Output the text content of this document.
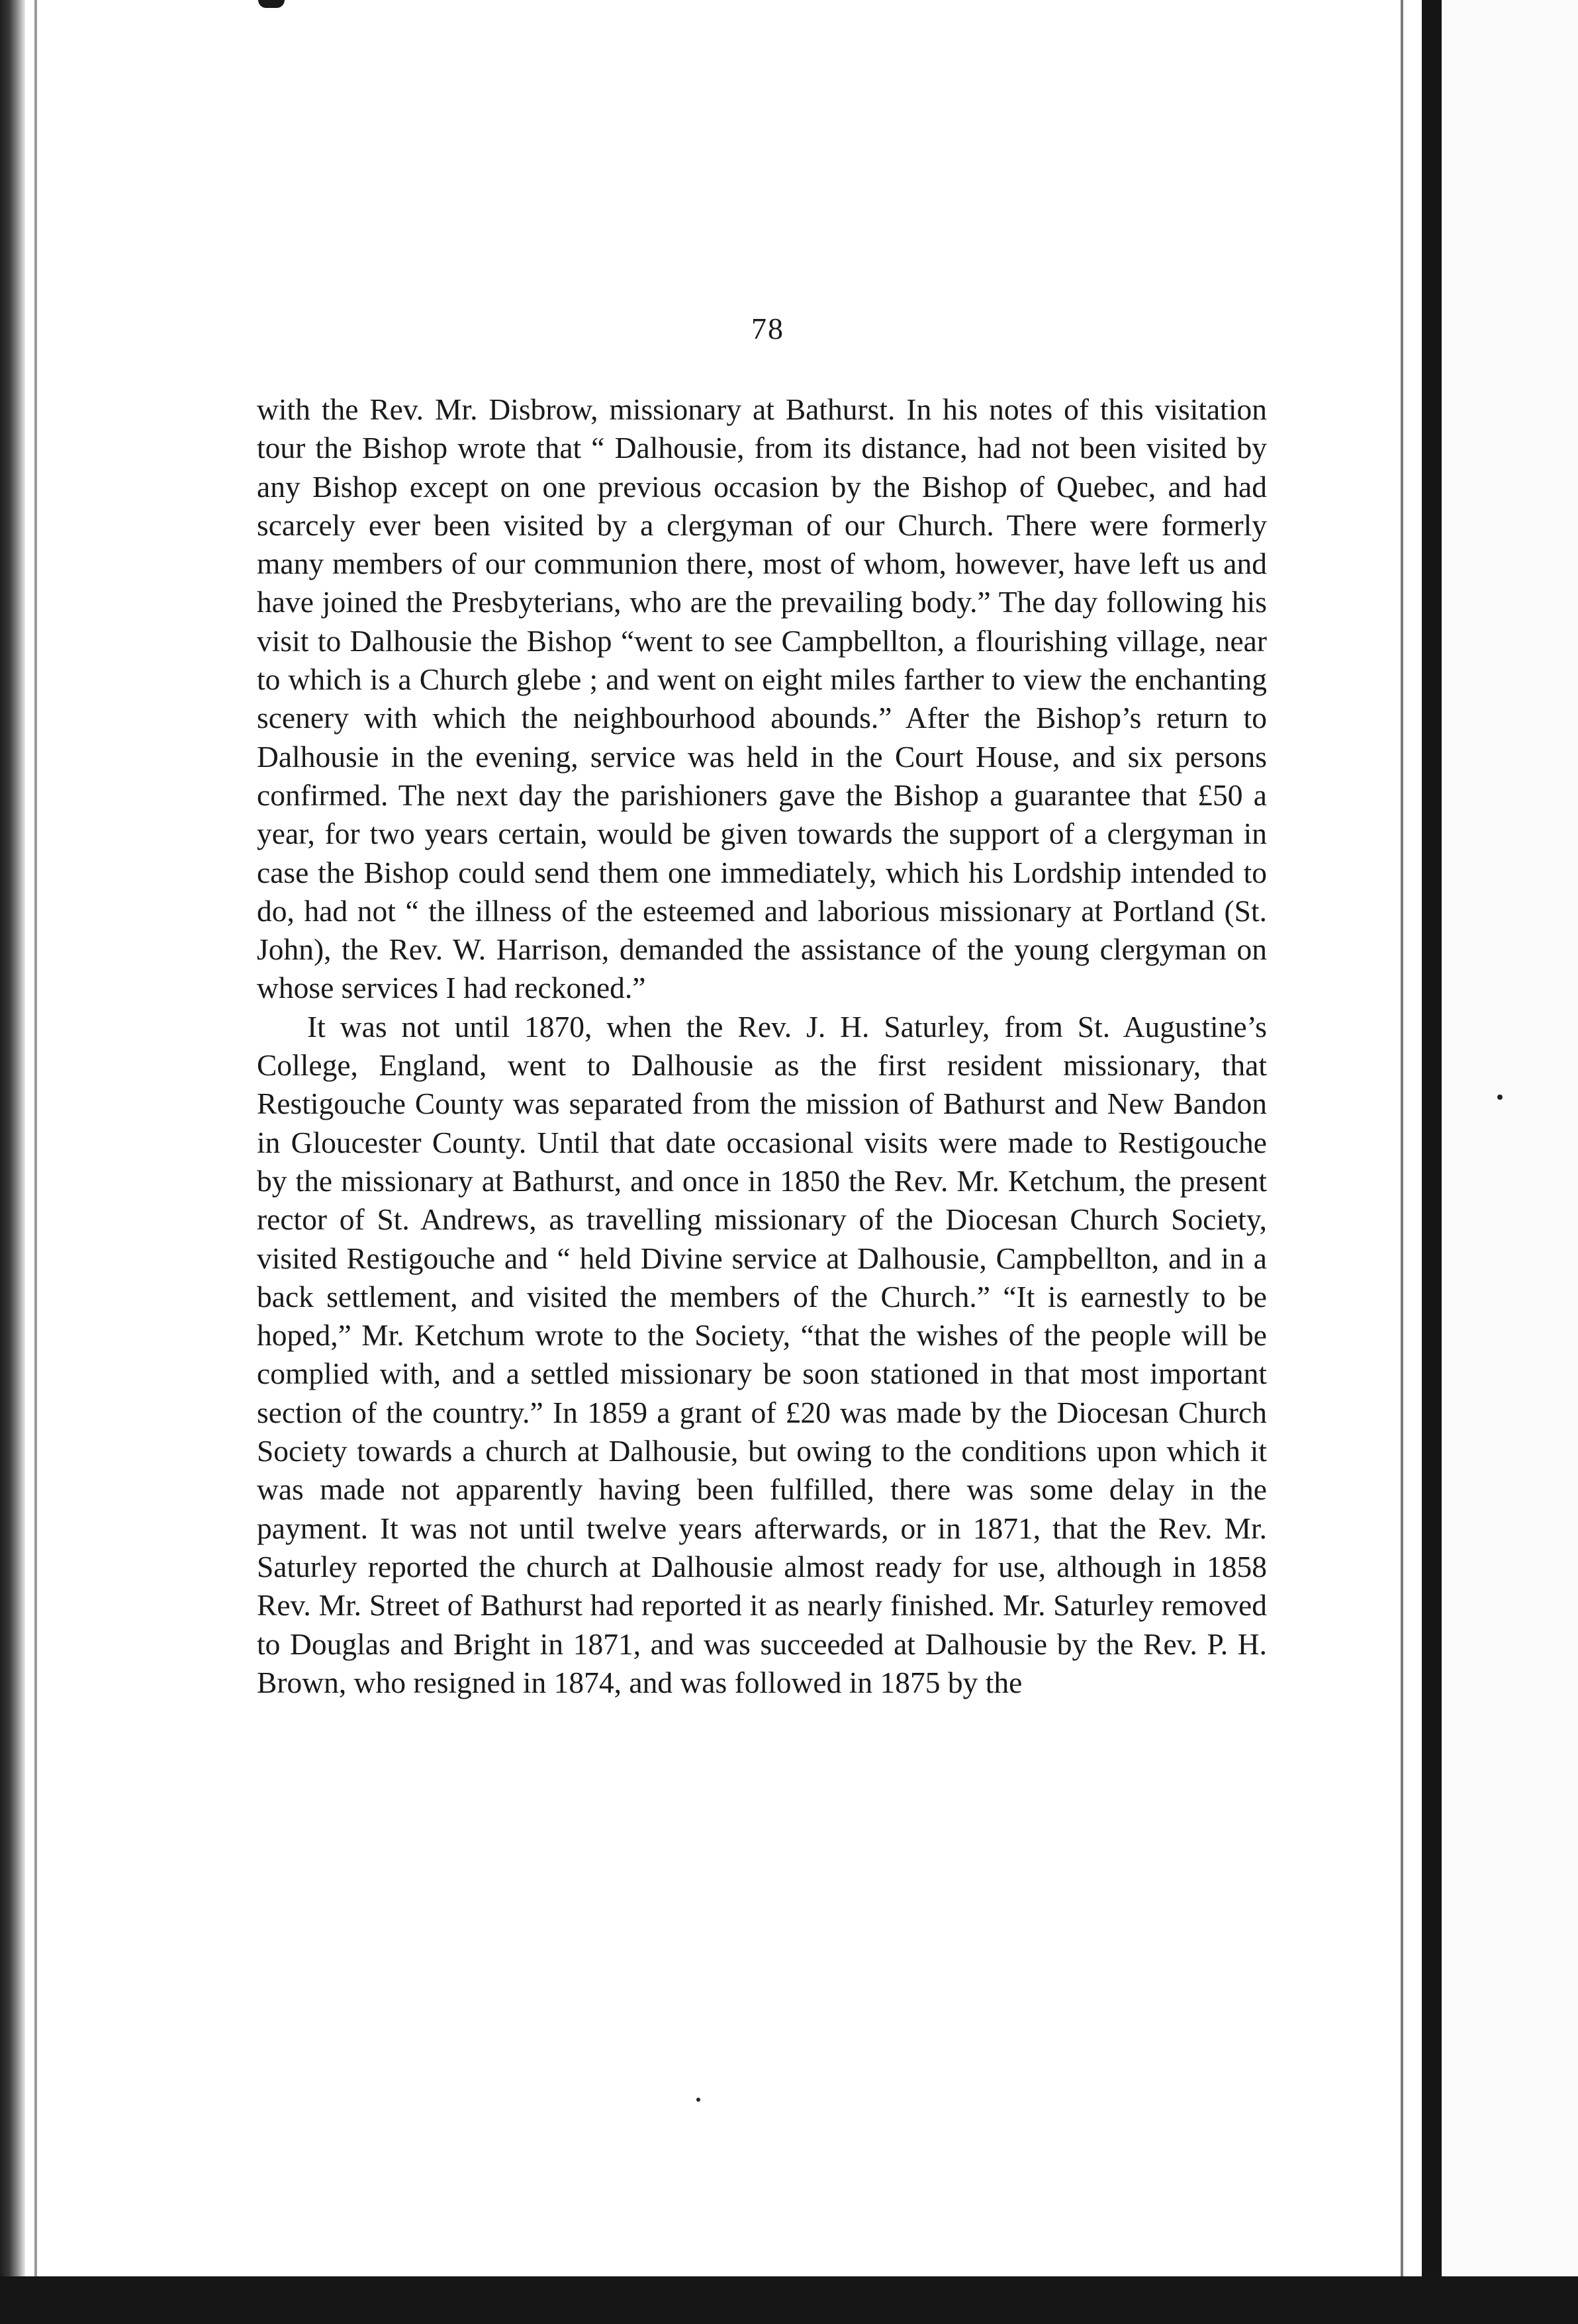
78

with the Rev. Mr. Disbrow, missionary at Bathurst. In his notes of this visitation tour the Bishop wrote that “ Dalhousie, from its distance, had not been visited by any Bishop except on one previous occasion by the Bishop of Quebec, and had scarcely ever been visited by a clergyman of our Church. There were formerly many members of our communion there, most of whom, however, have left us and have joined the Presbyterians, who are the prevailing body.” The day following his visit to Dalhousie the Bishop “went to see Campbellton, a flourishing village, near to which is a Church glebe ; and went on eight miles farther to view the enchanting scenery with which the neighbourhood abounds.” After the Bishop’s return to Dalhousie in the evening, service was held in the Court House, and six persons confirmed. The next day the parishioners gave the Bishop a guarantee that £50 a year, for two years certain, would be given towards the support of a clergyman in case the Bishop could send them one immediately, which his Lordship intended to do, had not “ the illness of the esteemed and laborious missionary at Portland (St. John), the Rev. W. Harrison, demanded the assistance of the young clergyman on whose services I had reckoned.”

It was not until 1870, when the Rev. J. H. Saturley, from St. Augustine’s College, England, went to Dalhousie as the first resident missionary, that Restigouche County was separated from the mission of Bathurst and New Bandon in Gloucester County. Until that date occasional visits were made to Restigouche by the missionary at Bathurst, and once in 1850 the Rev. Mr. Ketchum, the present rector of St. Andrews, as travelling missionary of the Diocesan Church Society, visited Restigouche and “ held Divine service at Dalhousie, Campbellton, and in a back settlement, and visited the members of the Church.” “It is earnestly to be hoped,” Mr. Ketchum wrote to the Society, “that the wishes of the people will be complied with, and a settled missionary be soon stationed in that most important section of the country.” In 1859 a grant of £20 was made by the Diocesan Church Society towards a church at Dalhousie, but owing to the conditions upon which it was made not apparently having been fulfilled, there was some delay in the payment. It was not until twelve years afterwards, or in 1871, that the Rev. Mr. Saturley reported the church at Dalhousie almost ready for use, although in 1858 Rev. Mr. Street of Bathurst had reported it as nearly finished. Mr. Saturley removed to Douglas and Bright in 1871, and was succeeded at Dalhousie by the Rev. P. H. Brown, who resigned in 1874, and was followed in 1875 by the
